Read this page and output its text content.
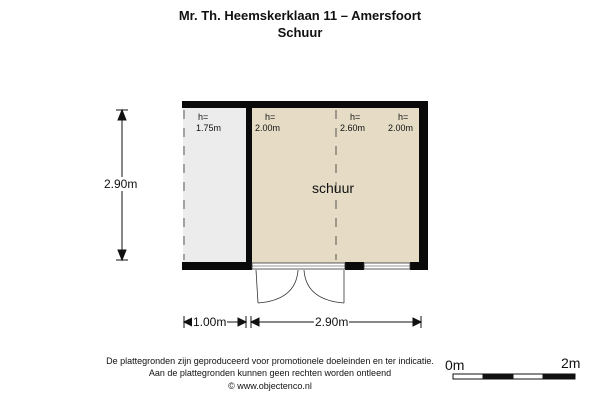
Mr. Th. Heemskerklaan 11 – Amersfoort
Schuur
h=
1.75m
h=
2.00m
h=
2.60m
h=
2.00m
schuur
2.90m
1.00m	2.90m
De plattegronden zijn geproduceerd voor promotionele doeleinden en ter indicatie.
Aan de plattegronden kunnen geen rechten worden ontleend
© www.objectenco.nl
0m	2m
